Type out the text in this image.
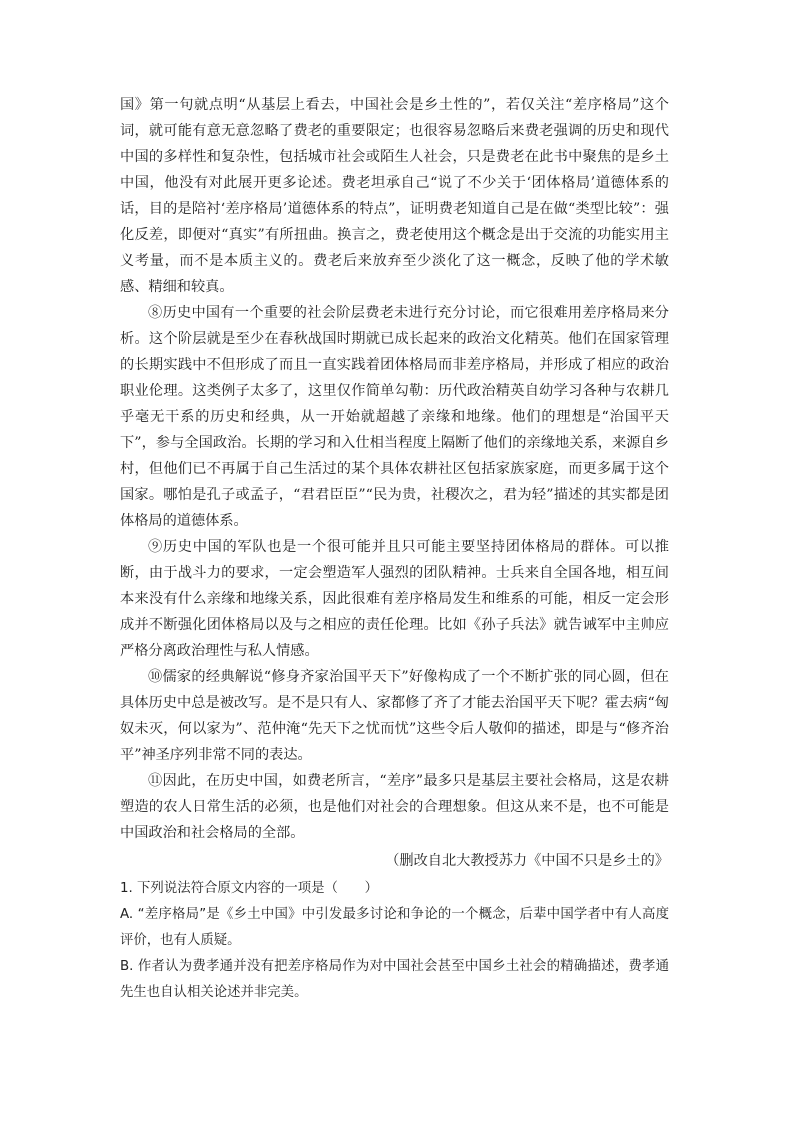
国》第一句就点明“从基层上看去，中国社会是乡土性的”，若仅关注“差序格局”这个词，就可能有意无意忽略了费老的重要限定；也很容易忽略后来费老强调的历史和现代中国的多样性和复杂性，包括城市社会或陌生人社会，只是费老在此书中聚焦的是乡土中国，他没有对此展开更多论述。费老坦承自己“说了不少关于‘团体格局’道德体系的话，目的是陪衬‘差序格局’道德体系的特点”，证明费老知道自己是在做“类型比较”：强化反差，即便对“真实”有所扭曲。换言之，费老使用这个概念是出于交流的功能实用主义考量，而不是本质主义的。费老后来放弃至少淡化了这一概念，反映了他的学术敏感、精细和较真。

⑧历史中国有一个重要的社会阶层费老未进行充分讨论，而它很难用差序格局来分析。这个阶层就是至少在春秋战国时期就已成长起来的政治文化精英。他们在国家管理的长期实践中不但形成了而且一直实践着团体格局而非差序格局，并形成了相应的政治职业伦理。这类例子太多了，这里仅作简单勾勒：历代政治精英自幼学习各种与农耕几乎毫无干系的历史和经典，从一开始就超越了亲缘和地缘。他们的理想是“治国平天下”，参与全国政治。长期的学习和入仕相当程度上隔断了他们的亲缘地关系，来源自乡村，但他们已不再属于自己生活过的某个具体农耕社区包括家族家庭，而更多属于这个国家。哪怕是孔子或孟子，“君君臣臣”“民为贵，社稷次之，君为轻”描述的其实都是团体格局的道德体系。

⑨历史中国的军队也是一个很可能并且只可能主要坚持团体格局的群体。可以推断，由于战斗力的要求，一定会塑造军人强烈的团队精神。士兵来自全国各地，相互间本来没有什么亲缘和地缘关系，因此很难有差序格局发生和维系的可能，相反一定会形成并不断强化团体格局以及与之相应的责任伦理。比如《孙子兵法》就告诫军中主帅应严格分离政治理性与私人情感。

⑩儒家的经典解说“修身齐家治国平天下”好像构成了一个不断扩张的同心圆，但在具体历史中总是被改写。是不是只有人、家都修了齐了才能去治国平天下呢？霍去病“匈奴未灭，何以家为”、范仲淹“先天下之忧而忧”这些令后人敬仰的描述，即是与“修齐治平”神圣序列非常不同的表达。

⑪因此，在历史中国，如费老所言，“差序”最多只是基层主要社会格局，这是农耕塑造的农人日常生活的必须，也是他们对社会的合理想象。但这从来不是，也不可能是中国政治和社会格局的全部。

（删改自北大教授苏力《中国不只是乡土的》

1. 下列说法符合原文内容的一项是（　　）

A. “差序格局”是《乡土中国》中引发最多讨论和争论的一个概念，后辈中国学者中有人高度评价，也有人质疑。

B. 作者认为费孝通并没有把差序格局作为对中国社会甚至中国乡土社会的精确描述，费孝通先生也自认相关论述并非完美。
